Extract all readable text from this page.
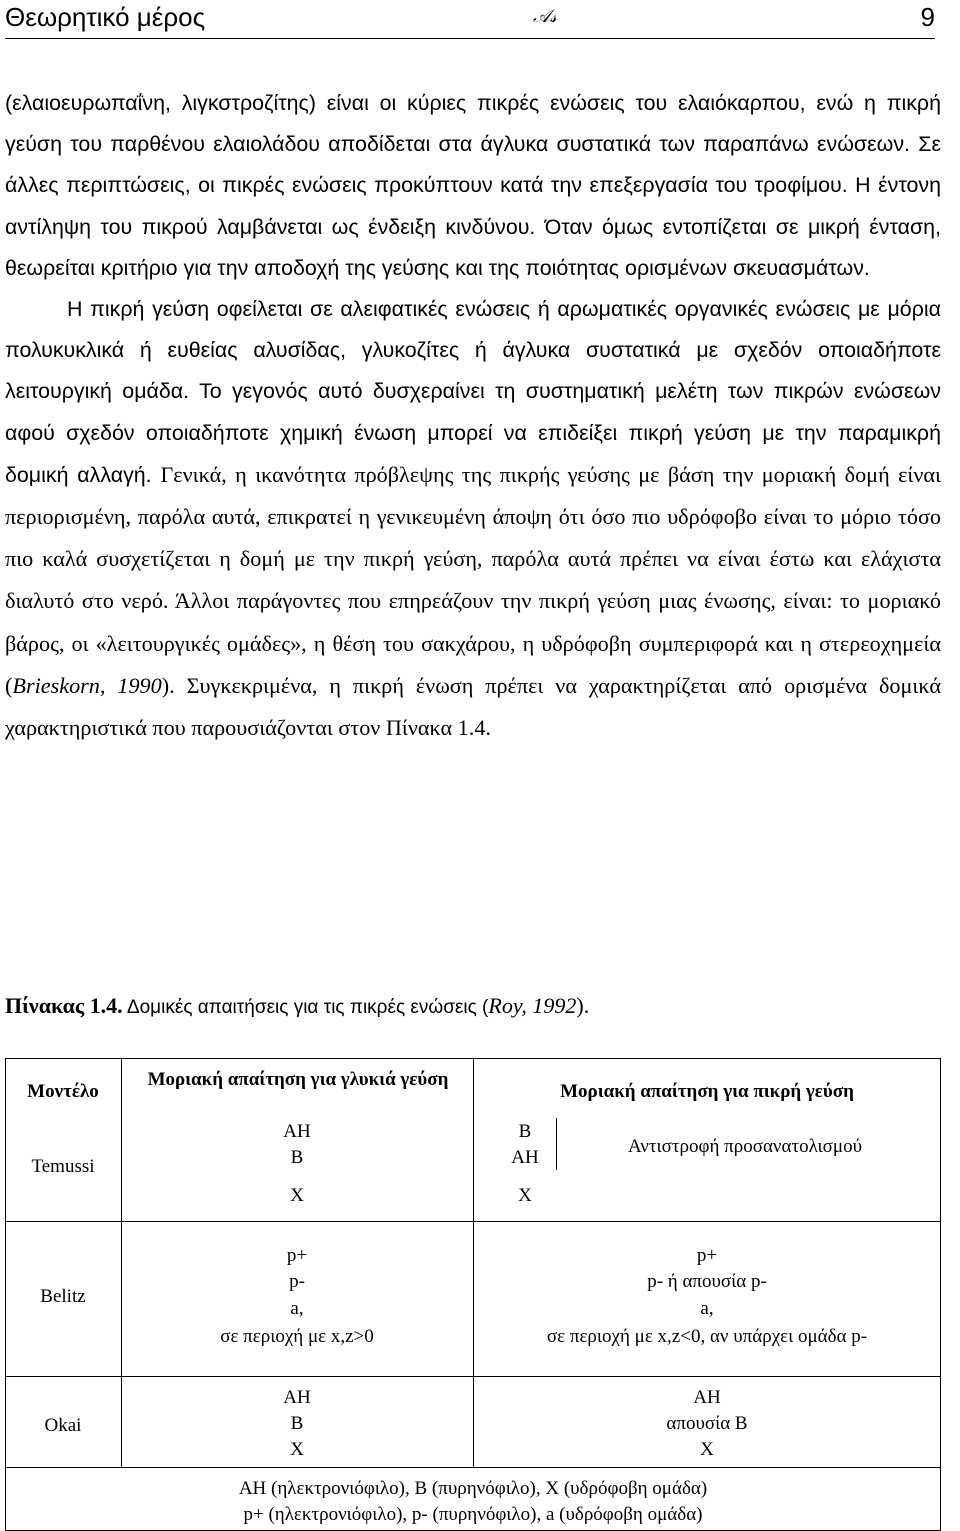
Θεωρητικό μέρος	𝒜𝓈	9

(ελαιοευρωπαΐνη, λιγκστροζίτης) είναι οι κύριες πικρές ενώσεις του ελαιόκαρπου, ενώ η πικρή γεύση του παρθένου ελαιολάδου αποδίδεται στα άγλυκα συστατικά των παραπάνω ενώσεων. Σε άλλες περιπτώσεις, οι πικρές ενώσεις προκύπτουν κατά την επεξεργασία του τροφίμου. Η έντονη αντίληψη του πικρού λαμβάνεται ως ένδειξη κινδύνου. Όταν όμως εντοπίζεται σε μικρή ένταση, θεωρείται κριτήριο για την αποδοχή της γεύσης και της ποιότητας ορισμένων σκευασμάτων.

Η πικρή γεύση οφείλεται σε αλειφατικές ενώσεις ή αρωματικές οργανικές ενώσεις με μόρια πολυκυκλικά ή ευθείας αλυσίδας, γλυκοζίτες ή άγλυκα συστατικά με σχεδόν οποιαδήποτε λειτουργική ομάδα. Το γεγονός αυτό δυσχεραίνει τη συστηματική μελέτη των πικρών ενώσεων αφού σχεδόν οποιαδήποτε χημική ένωση μπορεί να επιδείξει πικρή γεύση με την παραμικρή δομική αλλαγή. Γενικά, η ικανότητα πρόβλεψης της πικρής γεύσης με βάση την μοριακή δομή είναι περιορισμένη, παρόλα αυτά, επικρατεί η γενικευμένη άποψη ότι όσο πιο υδρόφοβο είναι το μόριο τόσο πιο καλά συσχετίζεται η δομή με την πικρή γεύση, παρόλα αυτά πρέπει να είναι έστω και ελάχιστα διαλυτό στο νερό. Άλλοι παράγοντες που επηρεάζουν την πικρή γεύση μιας ένωσης, είναι: το μοριακό βάρος, οι «λειτουργικές ομάδες», η θέση του σακχάρου, η υδρόφοβη συμπεριφορά και η στερεοχημεία (Brieskorn, 1990). Συγκεκριμένα, η πικρή ένωση πρέπει να χαρακτηρίζεται από ορισμένα δομικά χαρακτηριστικά που παρουσιάζονται στον Πίνακα 1.4.

Πίνακας 1.4. Δομικές απαιτήσεις για τις πικρές ενώσεις (Roy, 1992).
Μοντέλο
Μοριακή απαίτηση για γλυκιά γεύση
Μοριακή απαίτηση για πικρή γεύση
Temussi
AH
B
X
B
AH
X
Αντιστροφή προσανατολισμού
Belitz
p+
p-
a,
σε περιοχή με x,z>0
p+
p- ή απουσία p-
a,
σε περιοχή με x,z<0, αν υπάρχει ομάδα p-
Okai
AH
B
X
AH
απουσία B
X
AH (ηλεκτρονιόφιλο), B (πυρηνόφιλο), X (υδρόφοβη ομάδα)
p+ (ηλεκτρονιόφιλο), p- (πυρηνόφιλο), a (υδρόφοβη ομάδα)
